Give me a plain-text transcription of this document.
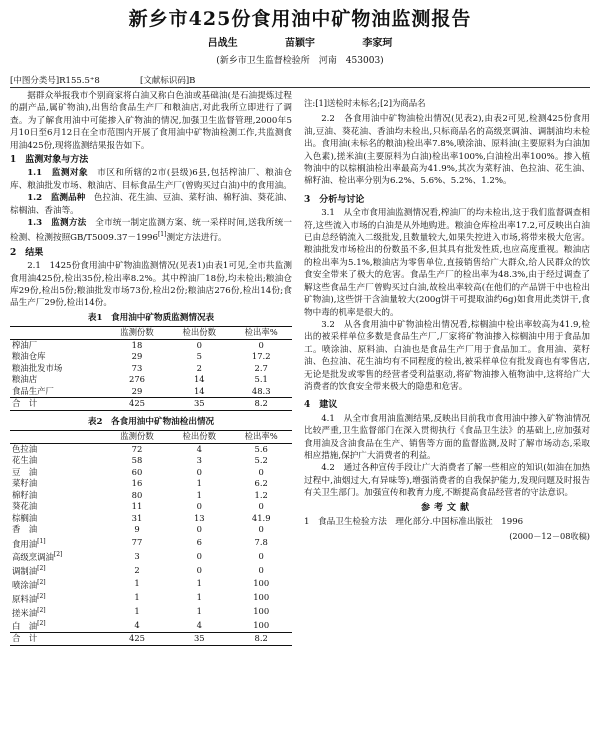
新乡市425份食用油中矿物油监测报告
吕战生	苗颖宇	李家珂
(新乡市卫生监督检验所　河南　453003)
[中图分类号]R155.5⁺8	[文献标识码]B

据群众举报我市个别商家将白油又称白色油或基础油(是石油提炼过程的副产品,属矿物油),出售给食品生产厂和粮油店,对此我所立即进行了调查。为了解食用油中可能掺入矿物油的情况,加强卫生监督管理,2000年5月10日至6月12日在全市范围内开展了食用油中矿物油检测工作,共监测食用油425份,现将监测结果报告如下。

1　监测对象与方法

1.1　监测对象　市区和所辖的2市(县级)6县,包括榨油厂、粮油仓库、粮油批发市场、粮油店、目标食品生产厂(曾购买过白油)中的食用油。

1.2　监测品种　色拉油、花生油、豆油、菜籽油、棉籽油、葵花油、棕榈油、香油等。

1.3　监测方法　全市统一制定监测方案、统一采样时间,送我所统一检测、检测按照GB/T5009.37－1996[1]测定方法进行。

2　结果

2.1　1425份食用油中矿物油监测情况(见表1)由表1可见,全市共监测食用油425份,检出35份,检出率8.2%。其中榨油厂18份,均未检出;粮油仓库29份,检出5份;粮油批发市场73份,检出2份;粮油店276份,检出14份;食品生产厂29份,检出14份。

表1　食用油中矿物质监测情况表
	监测份数	检出份数	检出率%
榨油厂	18	0	0
粮油仓库	29	5	17.2
粮油批发市场	73	2	2.7
粮油店	276	14	5.1
食品生产厂	29	14	48.3
合　计	425	35	8.2
表2　各食用油中矿物油检出情况
	监测份数	检出份数	检出率%
色拉油	72	4	5.6
花生油	58	3	5.2
豆　油	60	0	0
菜籽油	16	1	6.2
棉籽油	80	1	1.2
葵花油	11	0	0
棕榈油	31	13	41.9
香　油	9	0	0
食用油[1]	77	6	7.8
高级烹调油[2]	3	0	0
调制油[2]	2	0	0
喷涂油[2]	1	1	100
原料油[2]	1	1	100
搓米油[2]	1	1	100
白　油[2]	4	4	100
合　计	425	35	8.2
注:[1]送检时未标名;[2]为商品名

2.2　各食用油中矿物油检出情况(见表2),由表2可见,检测425份食用油,豆油、葵花油、香油均未检出,只标商品名的高级烹调油、调制油均未检出。食用油(未标名的粮油)检出率7.8%,喷涂油、原料油(主要原料为白油加入色素),搓米油(主要原料为白油)检出率100%,白油检出率100%。掺入植物油中的以棕榈油检出率最高为41.9%,其次为菜籽油、色拉油、花生油、棉籽油、检出率分别为6.2%、5.6%、5.2%、1.2%。

3　分析与讨论

3.1　从全市食用油监测情况看,榨油厂的均未检出,这于我们监督调查相符,这些流入市场的白油是从外地购进。粮油仓库检出率17.2,可反映出白油已由总经销流入二级批发,且数量较大,如果失控进入市场,将带来极大危害。粮油批发市场检出的份数虽不多,但其具有批发性质,也应高度重视。粮油店的检出率为5.1%,粮油店为零售单位,直接销售给广大群众,给人民群众的饮食安全带来了极大的危害。食品生产厂的检出率为48.3%,由于经过调查了解这些食品生产厂曾购买过白油,故检出率较高(在他们的产品饼干中也检出矿物油),这些饼干含油量较大(200g饼干可提取油约6g)如食用此类饼干,食物中毒的机率是很大的。

3.2　从各食用油中矿物油检出情况看,棕榈油中检出率较高为41.9,检出的被采样单位多数是食品生产厂,厂家将矿物油掺入棕榈油中用于食品加工。喷涂油、原料油、白油也是食品生产厂用于食品加工。食用油、菜籽油、色拉油、花生油均有不同程度的检出,被采样单位有批发商也有零售店,无论是批发或零售的经营者受利益驱动,将矿物油掺入植物油中,这将给广大消费者的饮食安全带来极大的隐患和危害。

4　建议

4.1　从全市食用油监测结果,反映出目前我市食用油中掺入矿物油情况比较严重,卫生监督部门在深入贯彻执行《食品卫生法》的基础上,应加强对食用油及含油食品在生产、销售等方面的监督监测,及时了解市场动态,采取相应措施,保护广大消费者的利益。

4.2　通过各种宣传手段让广大消费者了解一些相应的知识(如油在加热过程中,油烟过大,有异味等),增强消费者的自我保护能力,发现问题及时报告有关卫生部门。加强宣传和教育力度,不断提高食品经营者的守法意识。

参考文献

1　食品卫生检验方法　理化部分.中国标准出版社　1996

(2000－12－08收稿)
